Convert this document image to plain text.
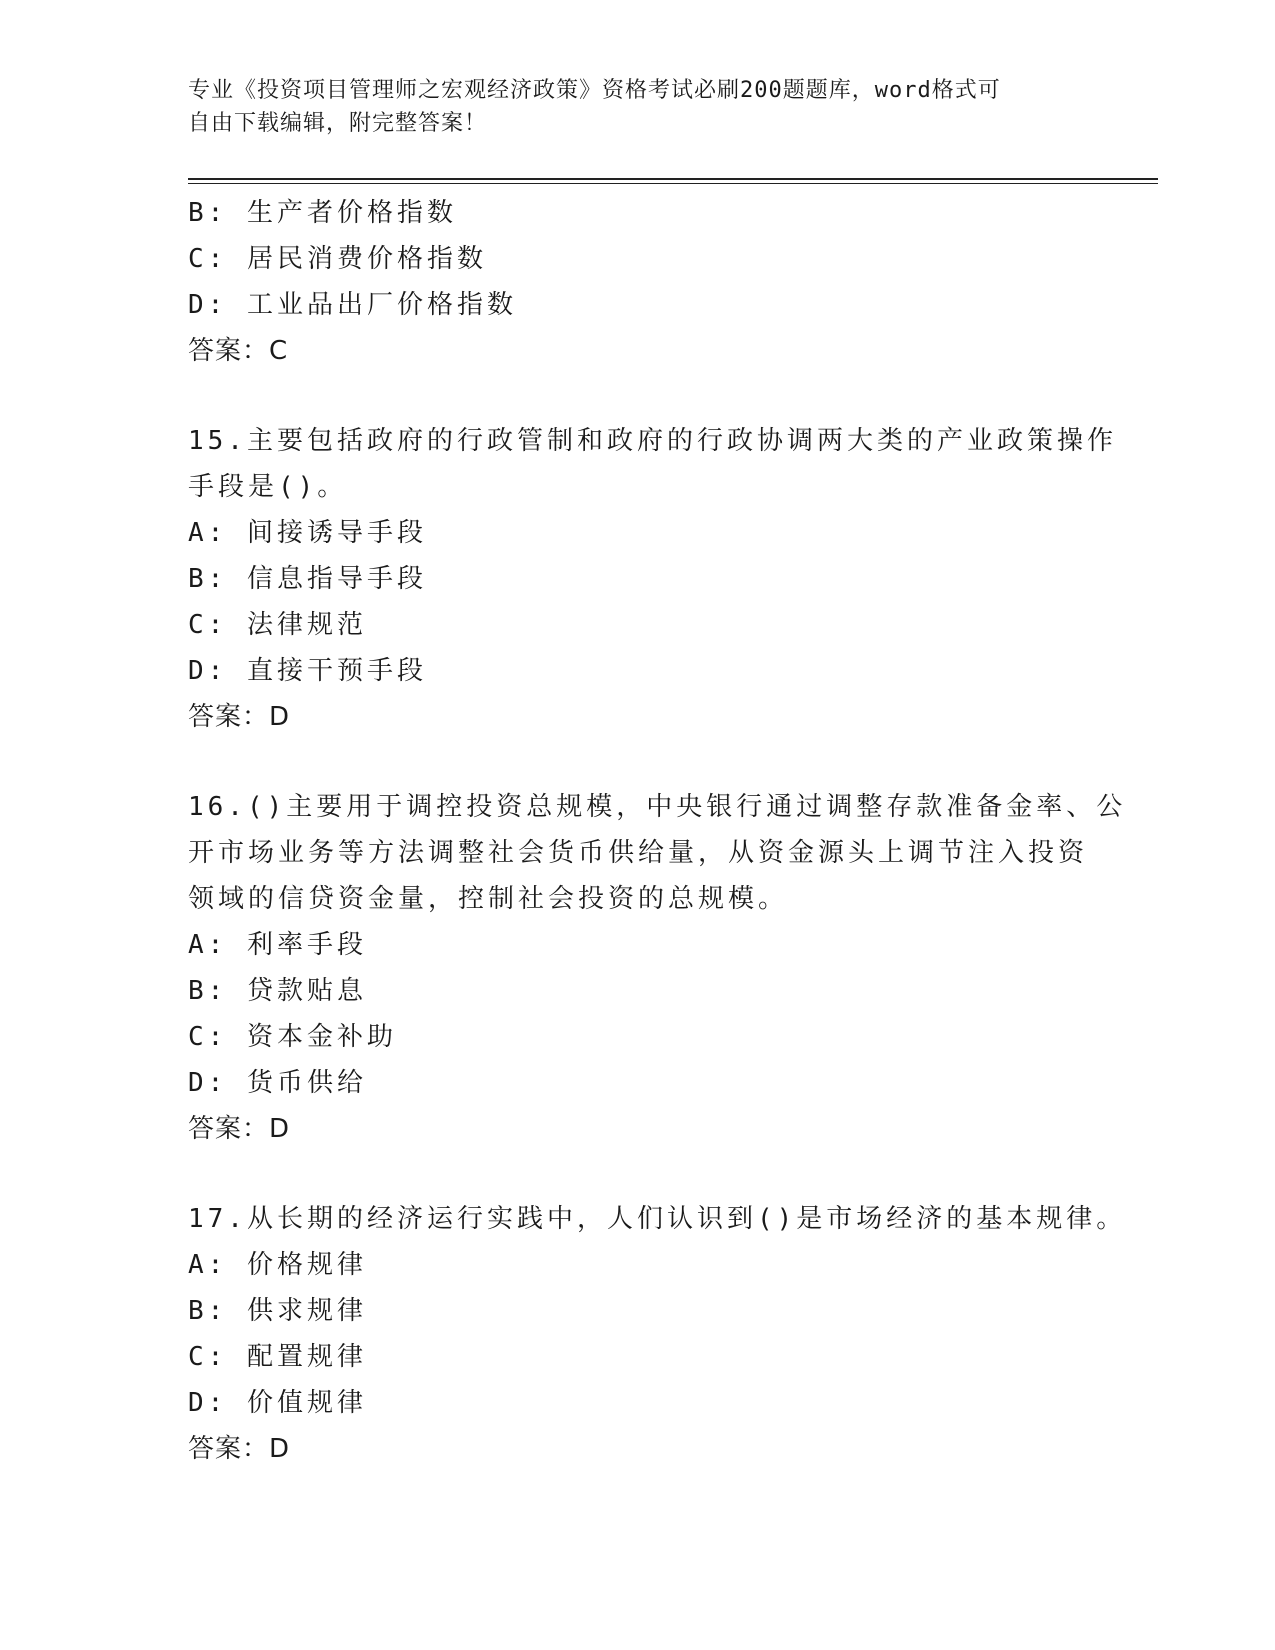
专业《投资项目管理师之宏观经济政策》资格考试必刷200题题库，word格式可
自由下载编辑，附完整答案！
B: 生产者价格指数
C: 居民消费价格指数
D: 工业品出厂价格指数
答案：C
15.主要包括政府的行政管制和政府的行政协调两大类的产业政策操作
手段是()。
A: 间接诱导手段
B: 信息指导手段
C: 法律规范
D: 直接干预手段
答案：D
16.()主要用于调控投资总规模，中央银行通过调整存款准备金率、公
开市场业务等方法调整社会货币供给量，从资金源头上调节注入投资
领域的信贷资金量，控制社会投资的总规模。
A: 利率手段
B: 贷款贴息
C: 资本金补助
D: 货币供给
答案：D
17.从长期的经济运行实践中，人们认识到()是市场经济的基本规律。
A: 价格规律
B: 供求规律
C: 配置规律
D: 价值规律
答案：D
